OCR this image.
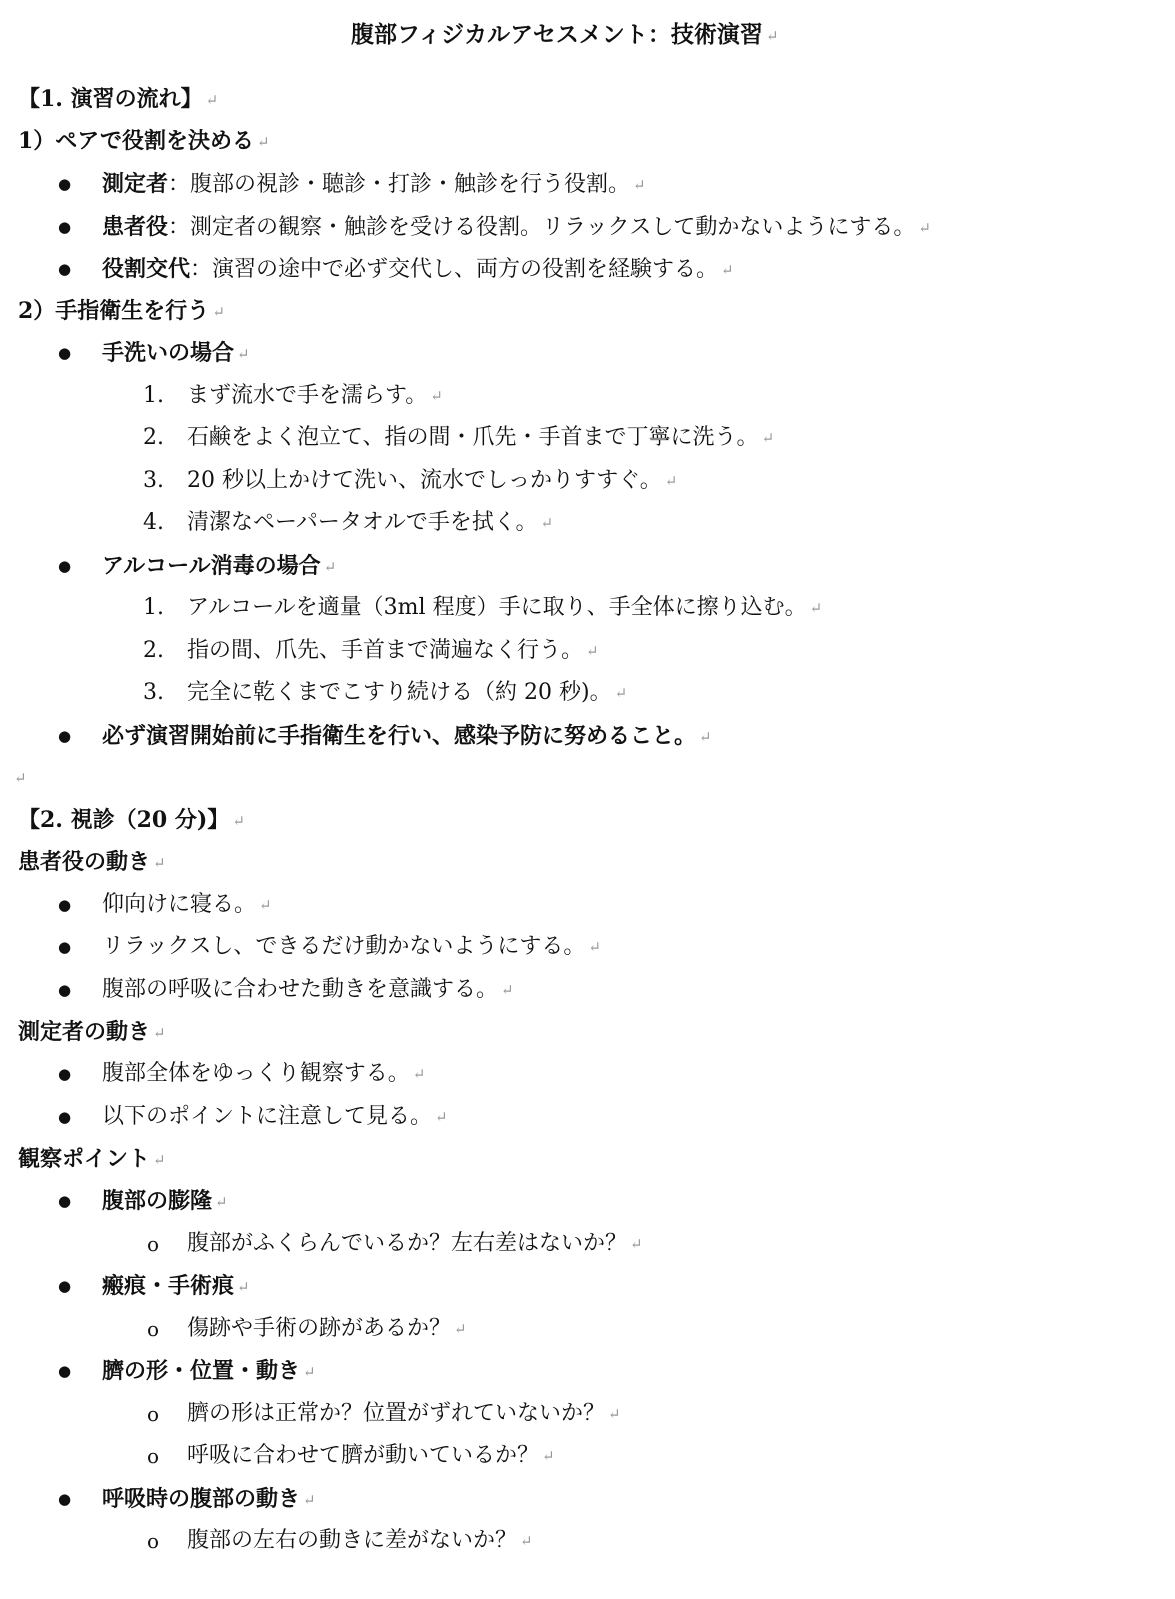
腹部フィジカルアセスメント：技術演習 ↵
【1. 演習の流れ】 ↵
1）ペアで役割を決める ↵
● 測定者：腹部の視診・聴診・打診・触診を行う役割。 ↵
● 患者役：測定者の観察・触診を受ける役割。リラックスして動かないようにする。 ↵
● 役割交代：演習の途中で必ず交代し、両方の役割を経験する。 ↵
2）手指衛生を行う ↵
● 手洗いの場合 ↵
1. まず流水で手を濡らす。 ↵
2. 石鹸をよく泡立て、指の間・爪先・手首まで丁寧に洗う。 ↵
3. 20 秒以上かけて洗い、流水でしっかりすすぐ。 ↵
4. 清潔なペーパータオルで手を拭く。 ↵
● アルコール消毒の場合 ↵
1. アルコールを適量（3ml 程度）手に取り、手全体に擦り込む。 ↵
2. 指の間、爪先、手首まで満遍なく行う。 ↵
3. 完全に乾くまでこすり続ける（約 20 秒)。 ↵
● 必ず演習開始前に手指衛生を行い、感染予防に努めること。 ↵
↵
【2. 視診（20 分)】 ↵
患者役の動き ↵
● 仰向けに寝る。 ↵
● リラックスし、できるだけ動かないようにする。 ↵
● 腹部の呼吸に合わせた動きを意識する。 ↵
測定者の動き ↵
● 腹部全体をゆっくり観察する。 ↵
● 以下のポイントに注意して見る。 ↵
観察ポイント ↵
● 腹部の膨隆 ↵
o 腹部がふくらんでいるか？左右差はないか？ ↵
● 瘢痕・手術痕 ↵
o 傷跡や手術の跡があるか？ ↵
● 臍の形・位置・動き ↵
o 臍の形は正常か？位置がずれていないか？ ↵
o 呼吸に合わせて臍が動いているか？ ↵
● 呼吸時の腹部の動き ↵
o 腹部の左右の動きに差がないか？ ↵
